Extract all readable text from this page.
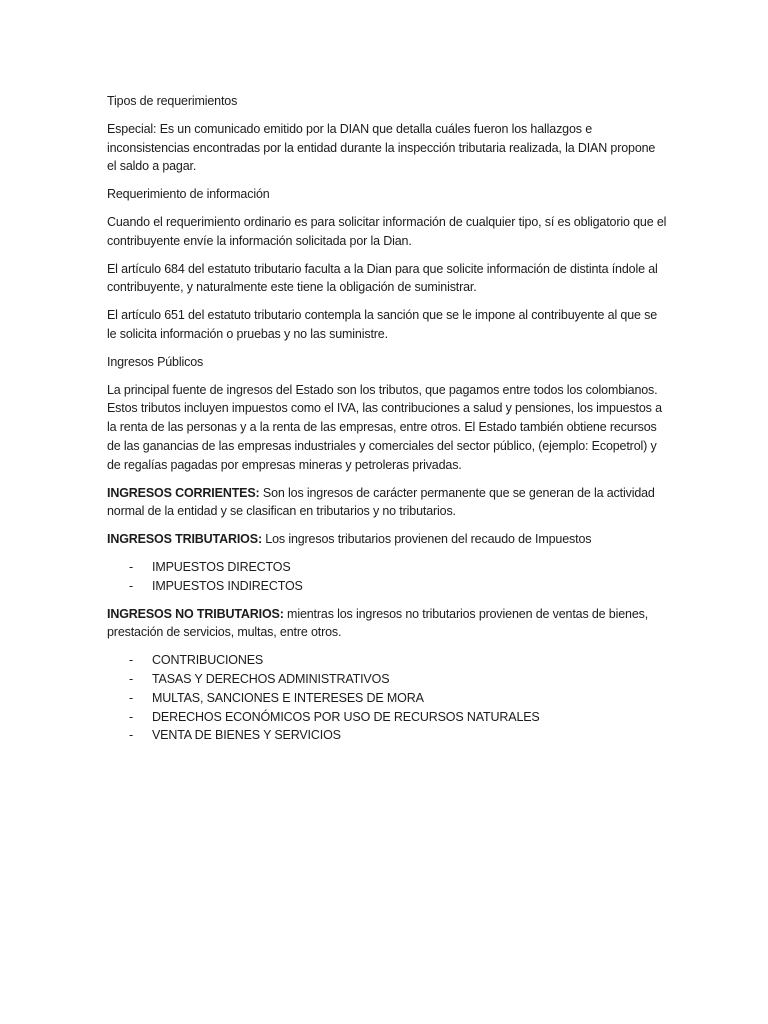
Tipos de requerimientos

Especial: Es un comunicado emitido por la DIAN que detalla cuáles fueron los hallazgos e inconsistencias encontradas por la entidad durante la inspección tributaria realizada, la DIAN propone el saldo a pagar.

Requerimiento de información

Cuando el requerimiento ordinario es para solicitar información de cualquier tipo, sí es obligatorio que el contribuyente envíe la información solicitada por la Dian.

El artículo 684 del estatuto tributario faculta a la Dian para que solicite información de distinta índole al contribuyente, y naturalmente este tiene la obligación de suministrar.

El artículo 651 del estatuto tributario contempla la sanción que se le impone al contribuyente al que se le solicita información o pruebas y no las suministre.

Ingresos Públicos

La principal fuente de ingresos del Estado son los tributos, que pagamos entre todos los colombianos. Estos tributos incluyen impuestos como el IVA, las contribuciones a salud y pensiones, los impuestos a la renta de las personas y a la renta de las empresas, entre otros. El Estado también obtiene recursos de las ganancias de las empresas industriales y comerciales del sector público, (ejemplo: Ecopetrol) y de regalías pagadas por empresas mineras y petroleras privadas.

INGRESOS CORRIENTES: Son los ingresos de carácter permanente que se generan de la actividad normal de la entidad y se clasifican en tributarios y no tributarios.

INGRESOS TRIBUTARIOS: Los ingresos tributarios provienen del recaudo de Impuestos

- IMPUESTOS DIRECTOS
- IMPUESTOS INDIRECTOS

INGRESOS NO TRIBUTARIOS: mientras los ingresos no tributarios provienen de ventas de bienes, prestación de servicios, multas, entre otros.

- CONTRIBUCIONES
- TASAS Y DERECHOS ADMINISTRATIVOS
- MULTAS, SANCIONES E INTERESES DE MORA
- DERECHOS ECONÓMICOS POR USO DE RECURSOS NATURALES
- VENTA DE BIENES Y SERVICIOS
